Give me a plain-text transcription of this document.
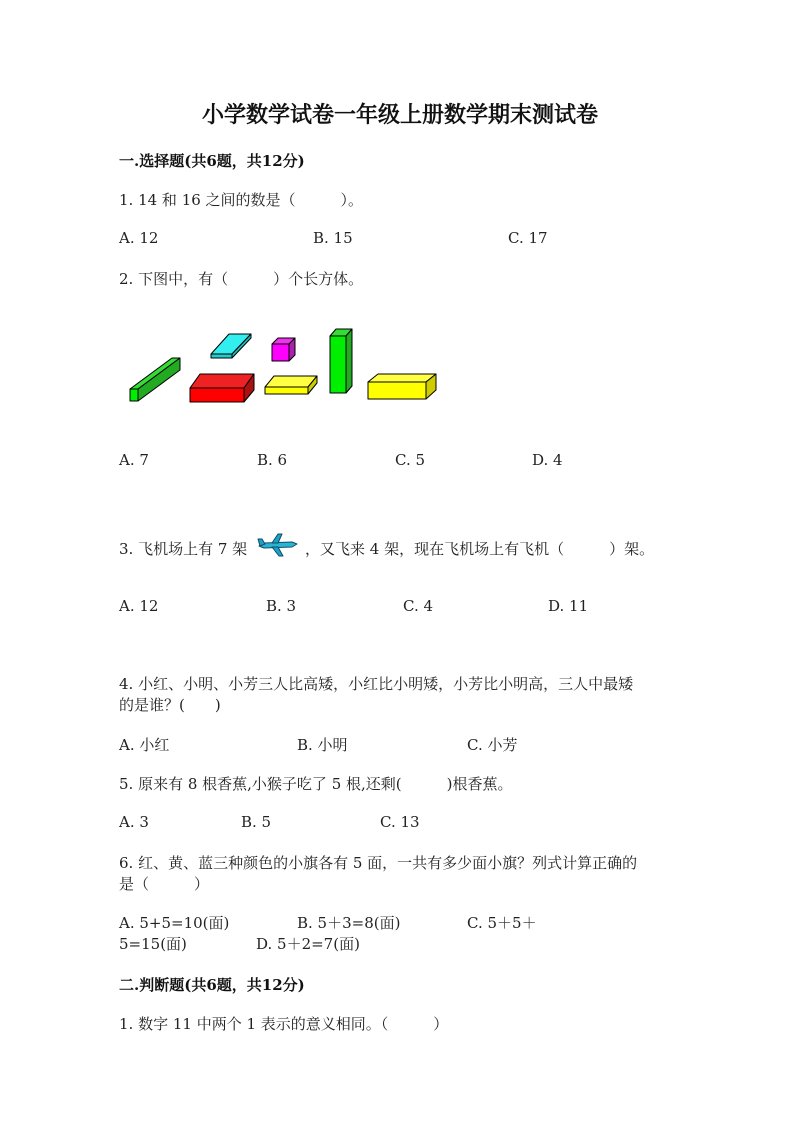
小学数学试卷一年级上册数学期末测试卷
一.选择题(共6题，共12分)
1. 14 和 16 之间的数是（　　　）。
A. 12	B. 15	C. 17
2. 下图中，有（　　　）个长方体。
A. 7	B. 6	C. 5	D. 4
3. 飞机场上有 7 架	，又飞来 4 架，现在飞机场上有飞机（　　　）架。
A. 12	B. 3	C. 4	D. 11
4. 小红、小明、小芳三人比高矮，小红比小明矮，小芳比小明高，三人中最矮
的是谁？(　　)
A. 小红	B. 小明	C. 小芳
5. 原来有 8 根香蕉,小猴子吃了 5 根,还剩(　　　)根香蕉。
A. 3	B. 5	C. 13
6. 红、黄、蓝三种颜色的小旗各有 5 面，一共有多少面小旗？列式计算正确的
是（　　　）
A. 5+5=10(面)	B. 5＋3=8(面)	C. 5＋5＋
5=15(面)	D. 5＋2=7(面)
二.判断题(共6题，共12分)
1. 数字 11 中两个 1 表示的意义相同。（　　　）
